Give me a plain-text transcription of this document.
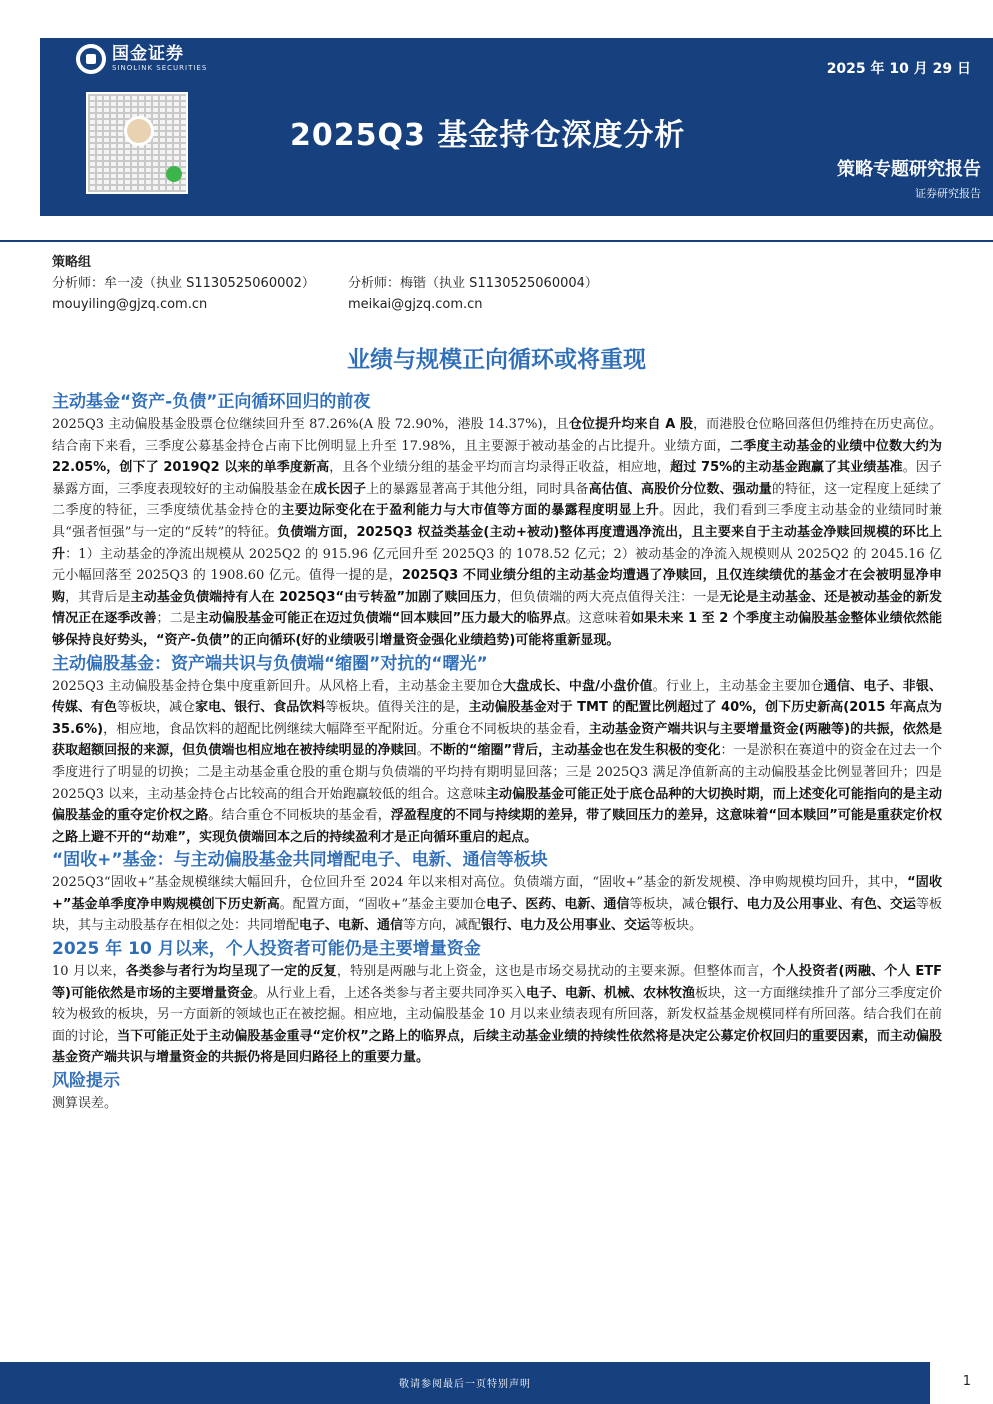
国金证券
SINOLINK SECURITIES	2025 年 10 月 29 日
2025Q3 基金持仓深度分析
策略专题研究报告
证券研究报告
策略组
分析师：牟一凌（执业 S1130525060002）	分析师：梅锴（执业 S1130525060004）
mouyiling@gjzq.com.cn	meikai@gjzq.com.cn
业绩与规模正向循环或将重现
主动基金“资产-负债”正向循环回归的前夜
2025Q3 主动偏股基金股票仓位继续回升至 87.26%(A 股 72.90%，港股 14.37%)，且仓位提升均来自 A 股，而港股仓位略回落但仍维持在历史高位。结合南下来看，三季度公募基金持仓占南下比例明显上升至 17.98%，且主要源于被动基金的占比提升。业绩方面，二季度主动基金的业绩中位数大约为 22.05%，创下了 2019Q2 以来的单季度新高，且各个业绩分组的基金平均而言均录得正收益，相应地，超过 75%的主动基金跑赢了其业绩基准。因子暴露方面，三季度表现较好的主动偏股基金在成长因子上的暴露显著高于其他分组，同时具备高估值、高股价分位数、强动量的特征，这一定程度上延续了二季度的特征，三季度绩优基金持仓的主要边际变化在于盈利能力与大市值等方面的暴露程度明显上升。因此，我们看到三季度主动基金的业绩同时兼具“强者恒强”与一定的“反转”的特征。负债端方面，2025Q3 权益类基金(主动+被动)整体再度遭遇净流出，且主要来自于主动基金净赎回规模的环比上升：1）主动基金的净流出规模从 2025Q2 的 915.96 亿元回升至 2025Q3 的 1078.52 亿元；2）被动基金的净流入规模则从 2025Q2 的 2045.16 亿元小幅回落至 2025Q3 的 1908.60 亿元。值得一提的是，2025Q3 不同业绩分组的主动基金均遭遇了净赎回，且仅连续绩优的基金才在会被明显净申购，其背后是主动基金负债端持有人在 2025Q3“由亏转盈”加剧了赎回压力，但负债端的两大亮点值得关注：一是无论是主动基金、还是被动基金的新发情况正在逐季改善；二是主动偏股基金可能正在迈过负债端“回本赎回”压力最大的临界点。这意味着如果未来 1 至 2 个季度主动偏股基金整体业绩依然能够保持良好势头，“资产-负债”的正向循环(好的业绩吸引增量资金强化业绩趋势)可能将重新显现。
主动偏股基金：资产端共识与负债端“缩圈”对抗的“曙光”
2025Q3 主动偏股基金持仓集中度重新回升。从风格上看，主动基金主要加仓大盘成长、中盘/小盘价值。行业上，主动基金主要加仓通信、电子、非银、传媒、有色等板块，减仓家电、银行、食品饮料等板块。值得关注的是，主动偏股基金对于 TMT 的配置比例超过了 40%，创下历史新高(2015 年高点为 35.6%)，相应地，食品饮料的超配比例继续大幅降至平配附近。分重仓不同板块的基金看，主动基金资产端共识与主要增量资金(两融等)的共振，依然是获取超额回报的来源，但负债端也相应地在被持续明显的净赎回。不断的“缩圈”背后，主动基金也在发生积极的变化：一是淤积在赛道中的资金在过去一个季度进行了明显的切换；二是主动基金重仓股的重仓期与负债端的平均持有期明显回落；三是 2025Q3 满足净值新高的主动偏股基金比例显著回升；四是 2025Q3 以来，主动基金持仓占比较高的组合开始跑赢较低的组合。这意味主动偏股基金可能正处于底仓品种的大切换时期，而上述变化可能指向的是主动偏股基金的重夺定价权之路。结合重仓不同板块的基金看，浮盈程度的不同与持续期的差异，带了赎回压力的差异，这意味着“回本赎回”可能是重获定价权之路上避不开的“劫难”，实现负债端回本之后的持续盈利才是正向循环重启的起点。
“固收+”基金：与主动偏股基金共同增配电子、电新、通信等板块
2025Q3“固收+”基金规模继续大幅回升，仓位回升至 2024 年以来相对高位。负债端方面，“固收+”基金的新发规模、净申购规模均回升，其中，“固收+”基金单季度净申购规模创下历史新高。配置方面，“固收+”基金主要加仓电子、医药、电新、通信等板块，减仓银行、电力及公用事业、有色、交运等板块，其与主动股基存在相似之处：共同增配电子、电新、通信等方向，减配银行、电力及公用事业、交运等板块。
2025 年 10 月以来，个人投资者可能仍是主要增量资金
10 月以来，各类参与者行为均呈现了一定的反复，特别是两融与北上资金，这也是市场交易扰动的主要来源。但整体而言，个人投资者(两融、个人 ETF 等)可能依然是市场的主要增量资金。从行业上看，上述各类参与者主要共同净买入电子、电新、机械、农林牧渔板块，这一方面继续推升了部分三季度定价较为极致的板块，另一方面新的领域也正在被挖掘。相应地，主动偏股基金 10 月以来业绩表现有所回落，新发权益基金规模同样有所回落。结合我们在前面的讨论，当下可能正处于主动偏股基金重寻“定价权”之路上的临界点，后续主动基金业绩的持续性依然将是决定公募定价权回归的重要因素，而主动偏股基金资产端共识与增量资金的共振仍将是回归路径上的重要力量。
风险提示
测算误差。
敬请参阅最后一页特别声明	1
